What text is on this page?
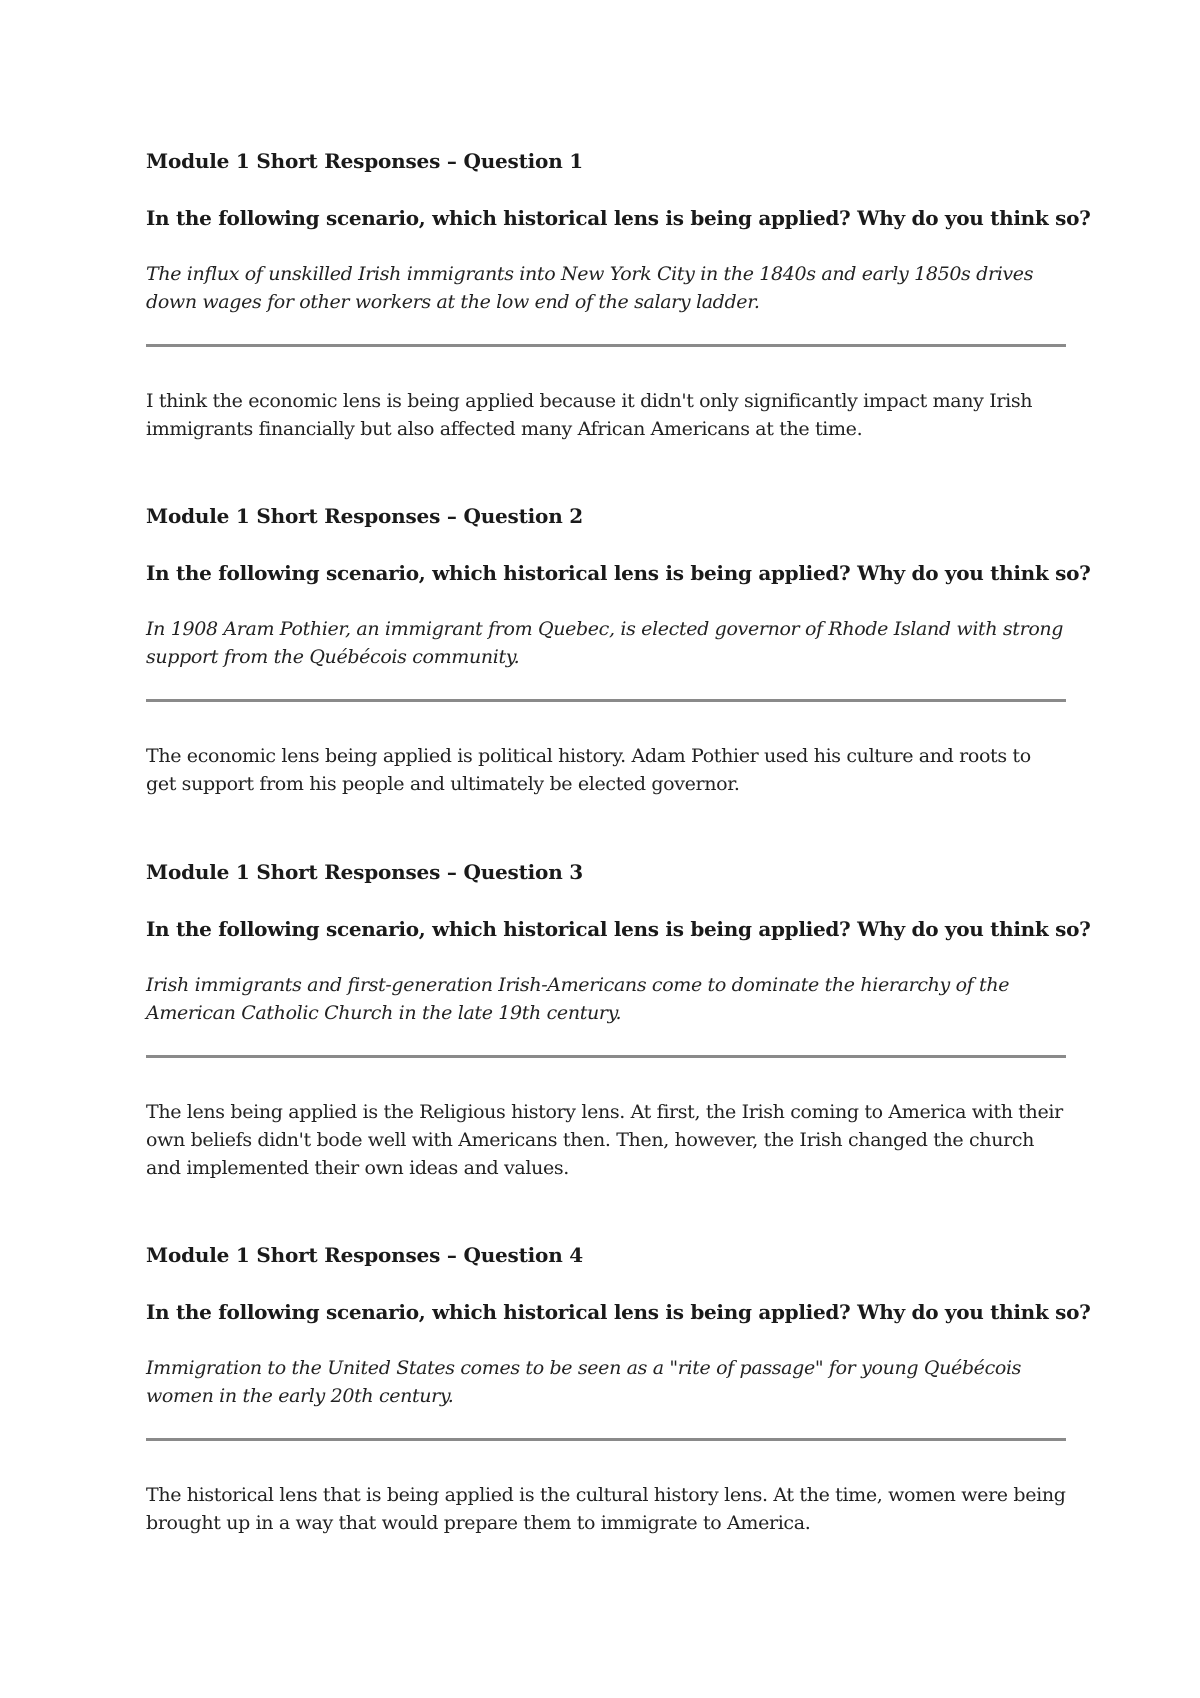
Module 1 Short Responses – Question 1

In the following scenario, which historical lens is being applied? Why do you think so?

The influx of unskilled Irish immigrants into New York City in the 1840s and early 1850s drives down wages for other workers at the low end of the salary ladder.

I think the economic lens is being applied because it didn't only significantly impact many Irish immigrants financially but also affected many African Americans at the time.

Module 1 Short Responses – Question 2

In the following scenario, which historical lens is being applied? Why do you think so?

In 1908 Aram Pothier, an immigrant from Quebec, is elected governor of Rhode Island with strong support from the Québécois community.

The economic lens being applied is political history. Adam Pothier used his culture and roots to get support from his people and ultimately be elected governor.

Module 1 Short Responses – Question 3

In the following scenario, which historical lens is being applied? Why do you think so?

Irish immigrants and first-generation Irish-Americans come to dominate the hierarchy of the American Catholic Church in the late 19th century.

The lens being applied is the Religious history lens. At first, the Irish coming to America with their own beliefs didn't bode well with Americans then. Then, however, the Irish changed the church and implemented their own ideas and values.

Module 1 Short Responses – Question 4

In the following scenario, which historical lens is being applied? Why do you think so?

Immigration to the United States comes to be seen as a "rite of passage" for young Québécois women in the early 20th century.

The historical lens that is being applied is the cultural history lens. At the time, women were being brought up in a way that would prepare them to immigrate to America.
